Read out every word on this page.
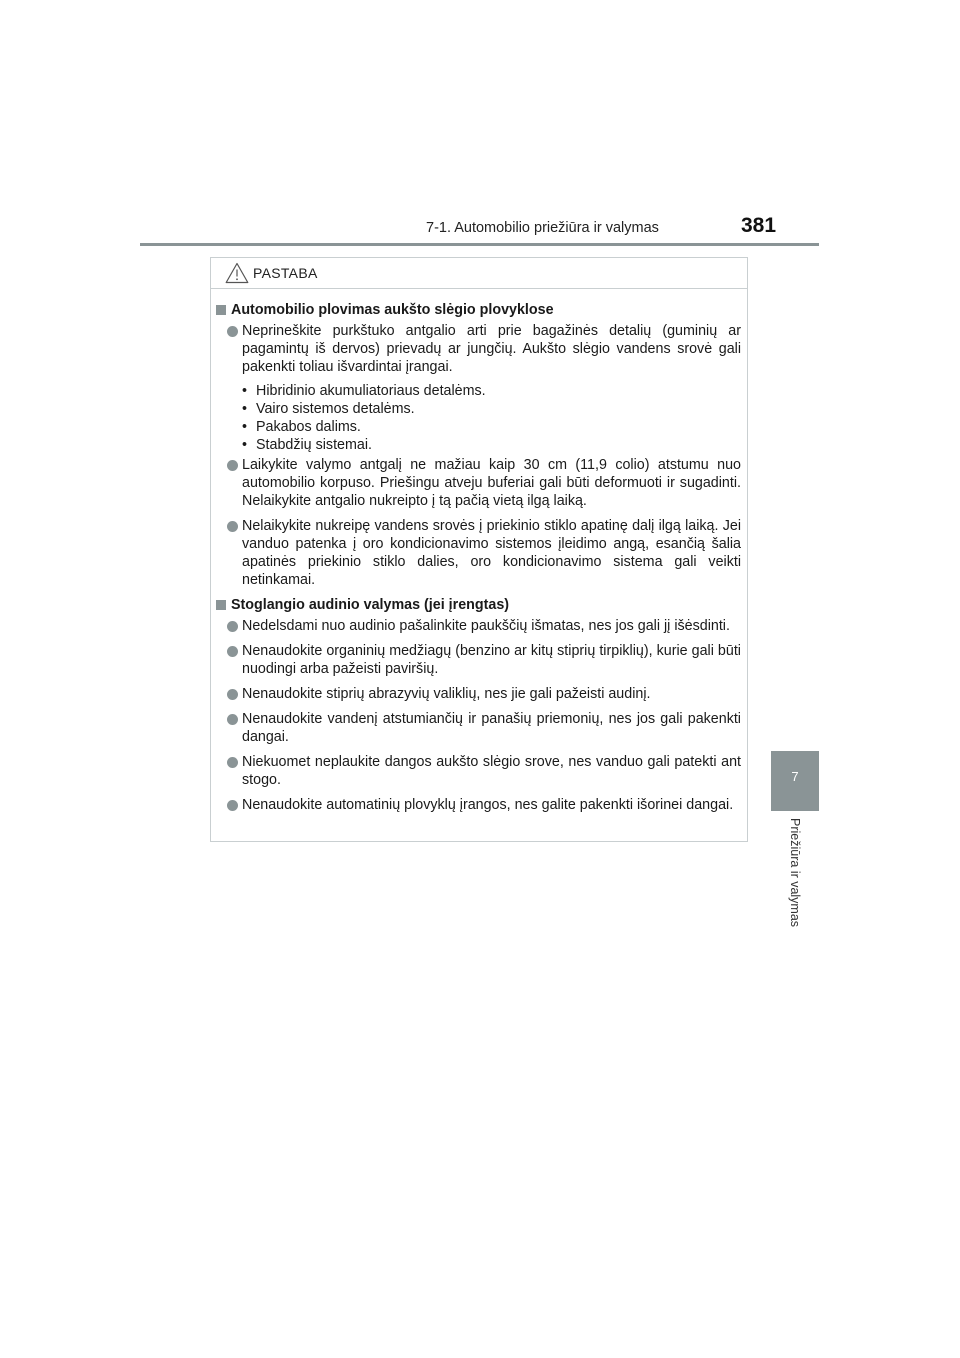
7-1. Automobilio priežiūra ir valymas	381
7
Priežiūra ir valymas
PASTABA
Automobilio plovimas aukšto slėgio plovyklose
Neprineškite purkštuko antgalio arti prie bagažinės detalių (guminių ar pagamintų iš dervos) prievadų ar jungčių. Aukšto slėgio vandens srovė gali pakenkti toliau išvardintai įrangai.
• Hibridinio akumuliatoriaus detalėms.
• Vairo sistemos detalėms.
• Pakabos dalims.
• Stabdžių sistemai.
Laikykite valymo antgalį ne mažiau kaip 30 cm (11,9 colio) atstumu nuo automobilio korpuso. Priešingu atveju buferiai gali būti deformuoti ir sugadinti. Nelaikykite antgalio nukreipto į tą pačią vietą ilgą laiką.
Nelaikykite nukreipę vandens srovės į priekinio stiklo apatinę dalį ilgą laiką. Jei vanduo patenka į oro kondicionavimo sistemos įleidimo angą, esančią šalia apatinės priekinio stiklo dalies, oro kondicionavimo sistema gali veikti netinkamai.
Stoglangio audinio valymas (jei įrengtas)
Nedelsdami nuo audinio pašalinkite paukščių išmatas, nes jos gali jį išėsdinti.
Nenaudokite organinių medžiagų (benzino ar kitų stiprių tirpiklių), kurie gali būti nuodingi arba pažeisti paviršių.
Nenaudokite stiprių abrazyvių valiklių, nes jie gali pažeisti audinį.
Nenaudokite vandenį atstumiančių ir panašių priemonių, nes jos gali pakenkti dangai.
Niekuomet neplaukite dangos aukšto slėgio srove, nes vanduo gali patekti ant stogo.
Nenaudokite automatinių plovyklų įrangos, nes galite pakenkti išorinei dangai.
